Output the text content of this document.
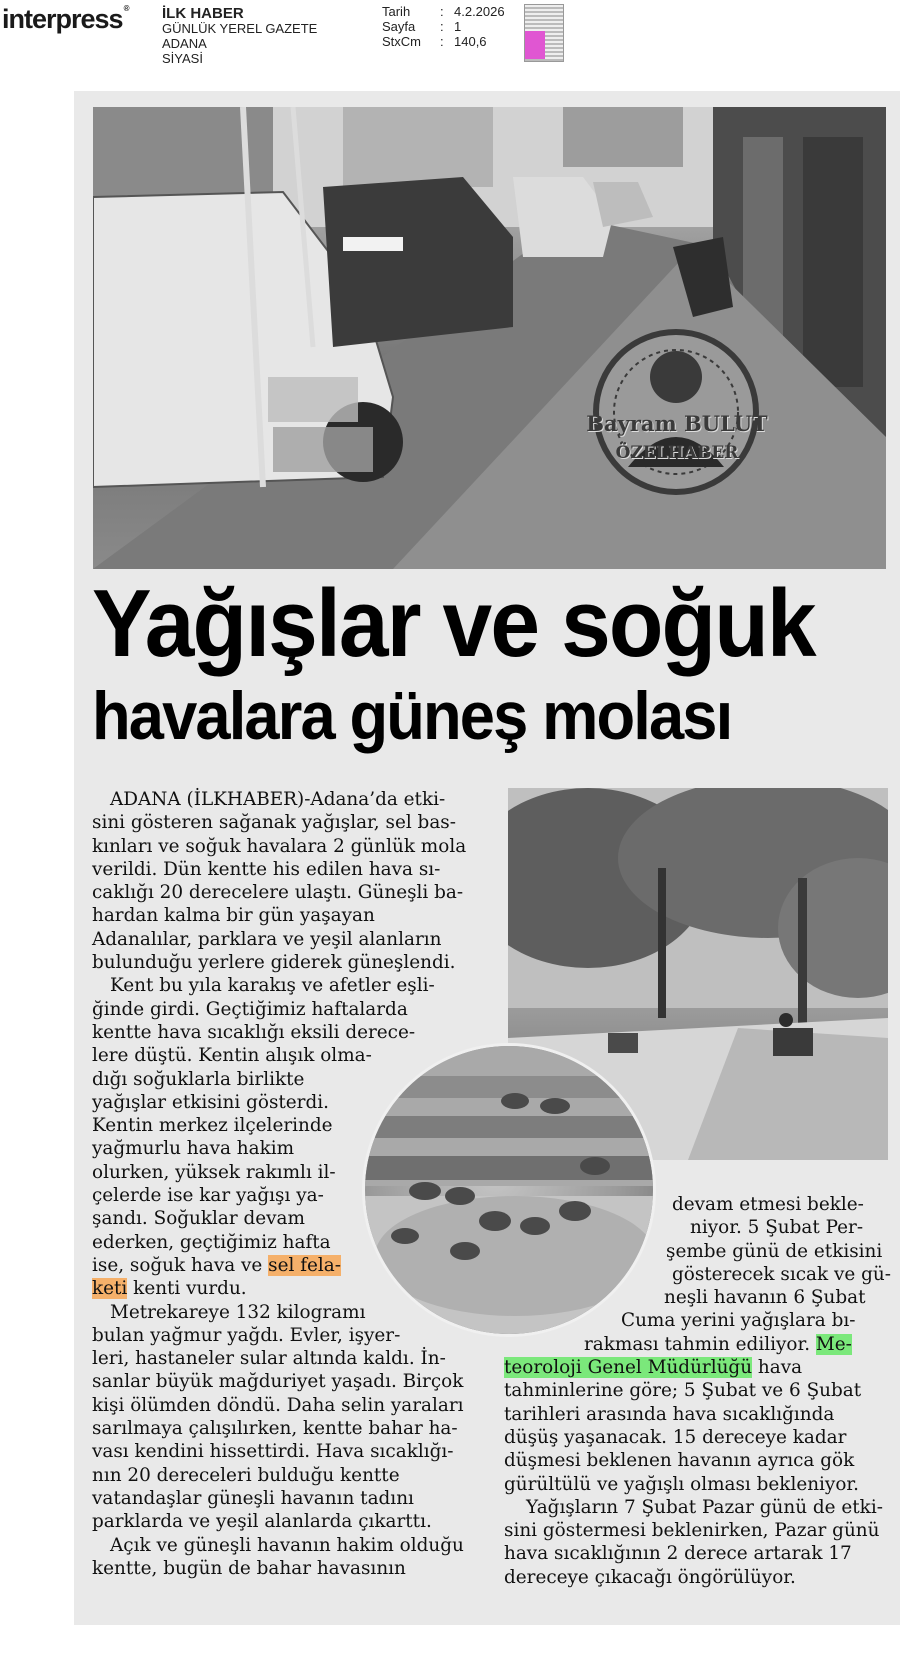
interpress® İLK HABER
GÜNLÜK YEREL GAZETE
ADANA
SİYASİ
Tarih	: 4.2.2026
Sayfa	: 1
StxCm	: 140,6
Bayram BULUT
ÖZELHABER
Yağışlar ve soğuk
havalara güneş molası
ADANA (İLKHABER)-Adana’da etki-
sini gösteren sağanak yağışlar, sel bas-
kınları ve soğuk havalara 2 günlük mola
verildi. Dün kentte his edilen hava sı-
caklığı 20 derecelere ulaştı. Güneşli ba-
hardan kalma bir gün yaşayan
Adanalılar, parklara ve yeşil alanların
bulunduğu yerlere giderek güneşlendi.
Kent bu yıla karakış ve afetler eşli-
ğinde girdi. Geçtiğimiz haftalarda
kentte hava sıcaklığı eksili derece-
lere düştü. Kentin alışık olma-
dığı soğuklarla birlikte
yağışlar etkisini gösterdi.
Kentin merkez ilçelerinde
yağmurlu hava hakim
olurken, yüksek rakımlı il-
çelerde ise kar yağışı ya-
şandı. Soğuklar devam
ederken, geçtiğimiz hafta
ise, soğuk hava ve sel fela-
keti kenti vurdu.
Metrekareye 132 kilogramı
bulan yağmur yağdı. Evler, işyer-
leri, hastaneler sular altında kaldı. İn-
sanlar büyük mağduriyet yaşadı. Birçok
kişi ölümden döndü. Daha selin yaraları
sarılmaya çalışılırken, kentte bahar ha-
vası kendini hissettirdi. Hava sıcaklığı-
nın 20 dereceleri bulduğu kentte
vatandaşlar güneşli havanın tadını
parklarda ve yeşil alanlarda çıkarttı.
Açık ve güneşli havanın hakim olduğu
kentte, bugün de bahar havasının
devam etmesi bekle-
niyor. 5 Şubat Per-
şembe günü de etkisini
gösterecek sıcak ve gü-
neşli havanın 6 Şubat
Cuma yerini yağışlara bı-
rakması tahmin ediliyor. Me-
teoroloji Genel Müdürlüğü hava
tahminlerine göre; 5 Şubat ve 6 Şubat
tarihleri arasında hava sıcaklığında
düşüş yaşanacak. 15 dereceye kadar
düşmesi beklenen havanın ayrıca gök
gürültülü ve yağışlı olması bekleniyor.
Yağışların 7 Şubat Pazar günü de etki-
sini göstermesi beklenirken, Pazar günü
hava sıcaklığının 2 derece artarak 17
dereceye çıkacağı öngörülüyor.
